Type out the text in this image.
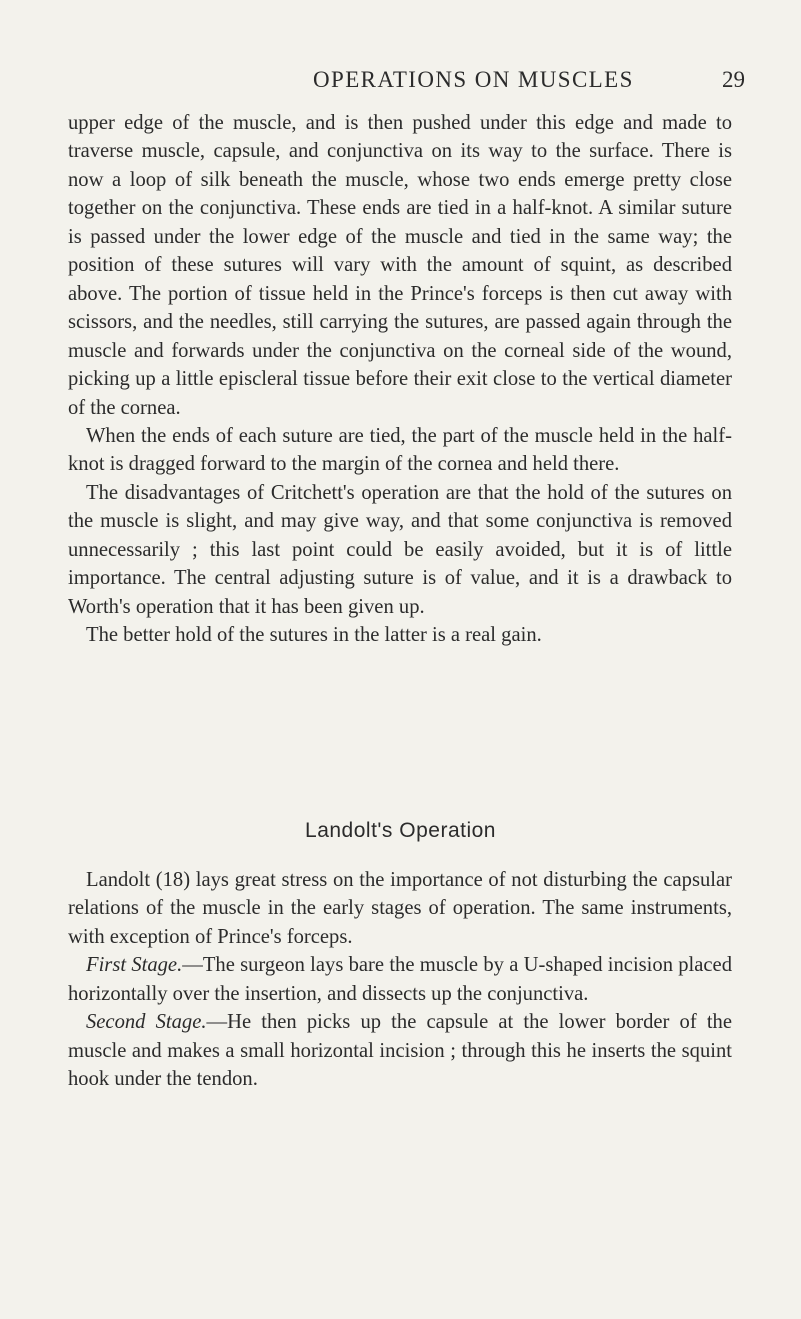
OPERATIONS ON MUSCLES	29

upper edge of the muscle, and is then pushed under this edge and made to traverse muscle, capsule, and conjunctiva on its way to the surface. There is now a loop of silk beneath the muscle, whose two ends emerge pretty close together on the conjunctiva. These ends are tied in a half-knot. A similar suture is passed under the lower edge of the muscle and tied in the same way; the position of these sutures will vary with the amount of squint, as described above. The portion of tissue held in the Prince's forceps is then cut away with scissors, and the needles, still carrying the sutures, are passed again through the muscle and forwards under the conjunctiva on the corneal side of the wound, picking up a little episcleral tissue before their exit close to the vertical diameter of the cornea.

When the ends of each suture are tied, the part of the muscle held in the half-knot is dragged forward to the margin of the cornea and held there.

The disadvantages of Critchett's operation are that the hold of the sutures on the muscle is slight, and may give way, and that some conjunctiva is removed unnecessarily ; this last point could be easily avoided, but it is of little importance. The central adjusting suture is of value, and it is a drawback to Worth's operation that it has been given up.

The better hold of the sutures in the latter is a real gain.

Landolt's Operation

Landolt (18) lays great stress on the importance of not disturbing the capsular relations of the muscle in the early stages of operation. The same instruments, with exception of Prince's forceps.

First Stage.—The surgeon lays bare the muscle by a U-shaped incision placed horizontally over the insertion, and dissects up the conjunctiva.

Second Stage.—He then picks up the capsule at the lower border of the muscle and makes a small horizontal incision ; through this he inserts the squint hook under the tendon.
